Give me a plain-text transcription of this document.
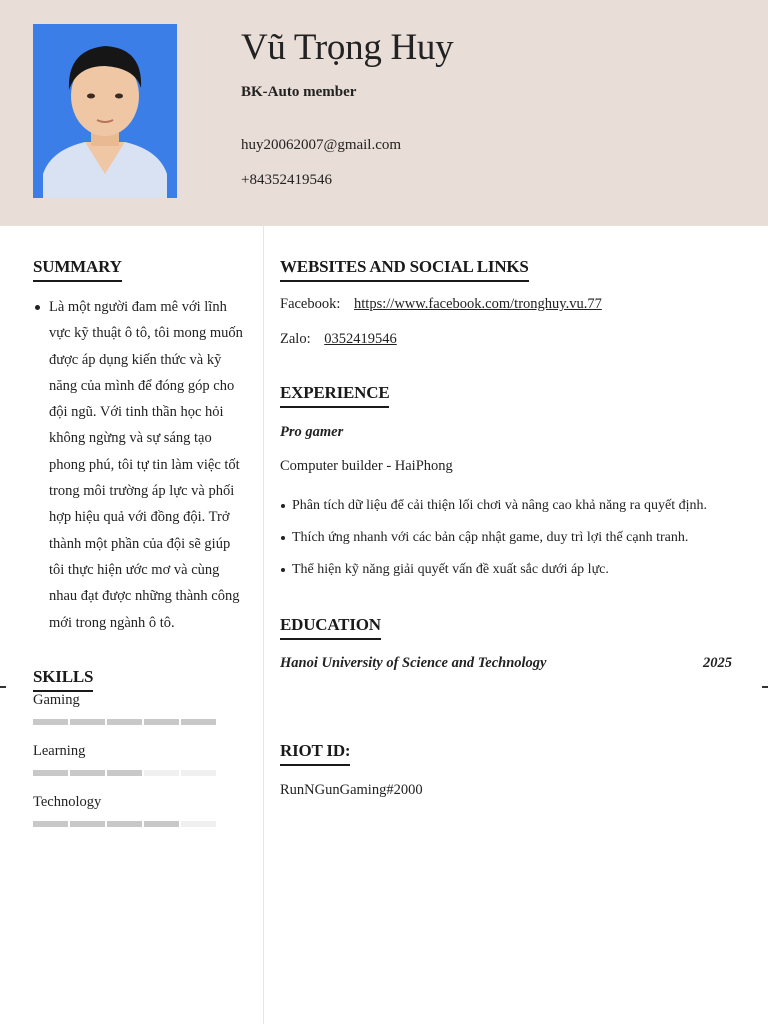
Vũ Trọng Huy
BK-Auto member
huy20062007@gmail.com
+84352419546
SUMMARY
Là một người đam mê với lĩnh vực kỹ thuật ô tô, tôi mong muốn được áp dụng kiến thức và kỹ năng của mình để đóng góp cho đội ngũ. Với tinh thần học hỏi không ngừng và sự sáng tạo phong phú, tôi tự tin làm việc tốt trong môi trường áp lực và phối hợp hiệu quả với đồng đội. Trở thành một phần của đội sẽ giúp tôi thực hiện ước mơ và cùng nhau đạt được những thành công mới trong ngành ô tô.
SKILLS
Gaming
Learning
Technology
WEBSITES AND SOCIAL LINKS
Facebook: https://www.facebook.com/tronghuy.vu.77
Zalo: 0352419546
EXPERIENCE
Pro gamer
Computer builder - HaiPhong
Phân tích dữ liệu để cải thiện lối chơi và nâng cao khả năng ra quyết định.
Thích ứng nhanh với các bản cập nhật game, duy trì lợi thế cạnh tranh.
Thể hiện kỹ năng giải quyết vấn đề xuất sắc dưới áp lực.
EDUCATION
Hanoi University of Science and Technology	2025
RIOT ID:
RunNGunGaming#2000
